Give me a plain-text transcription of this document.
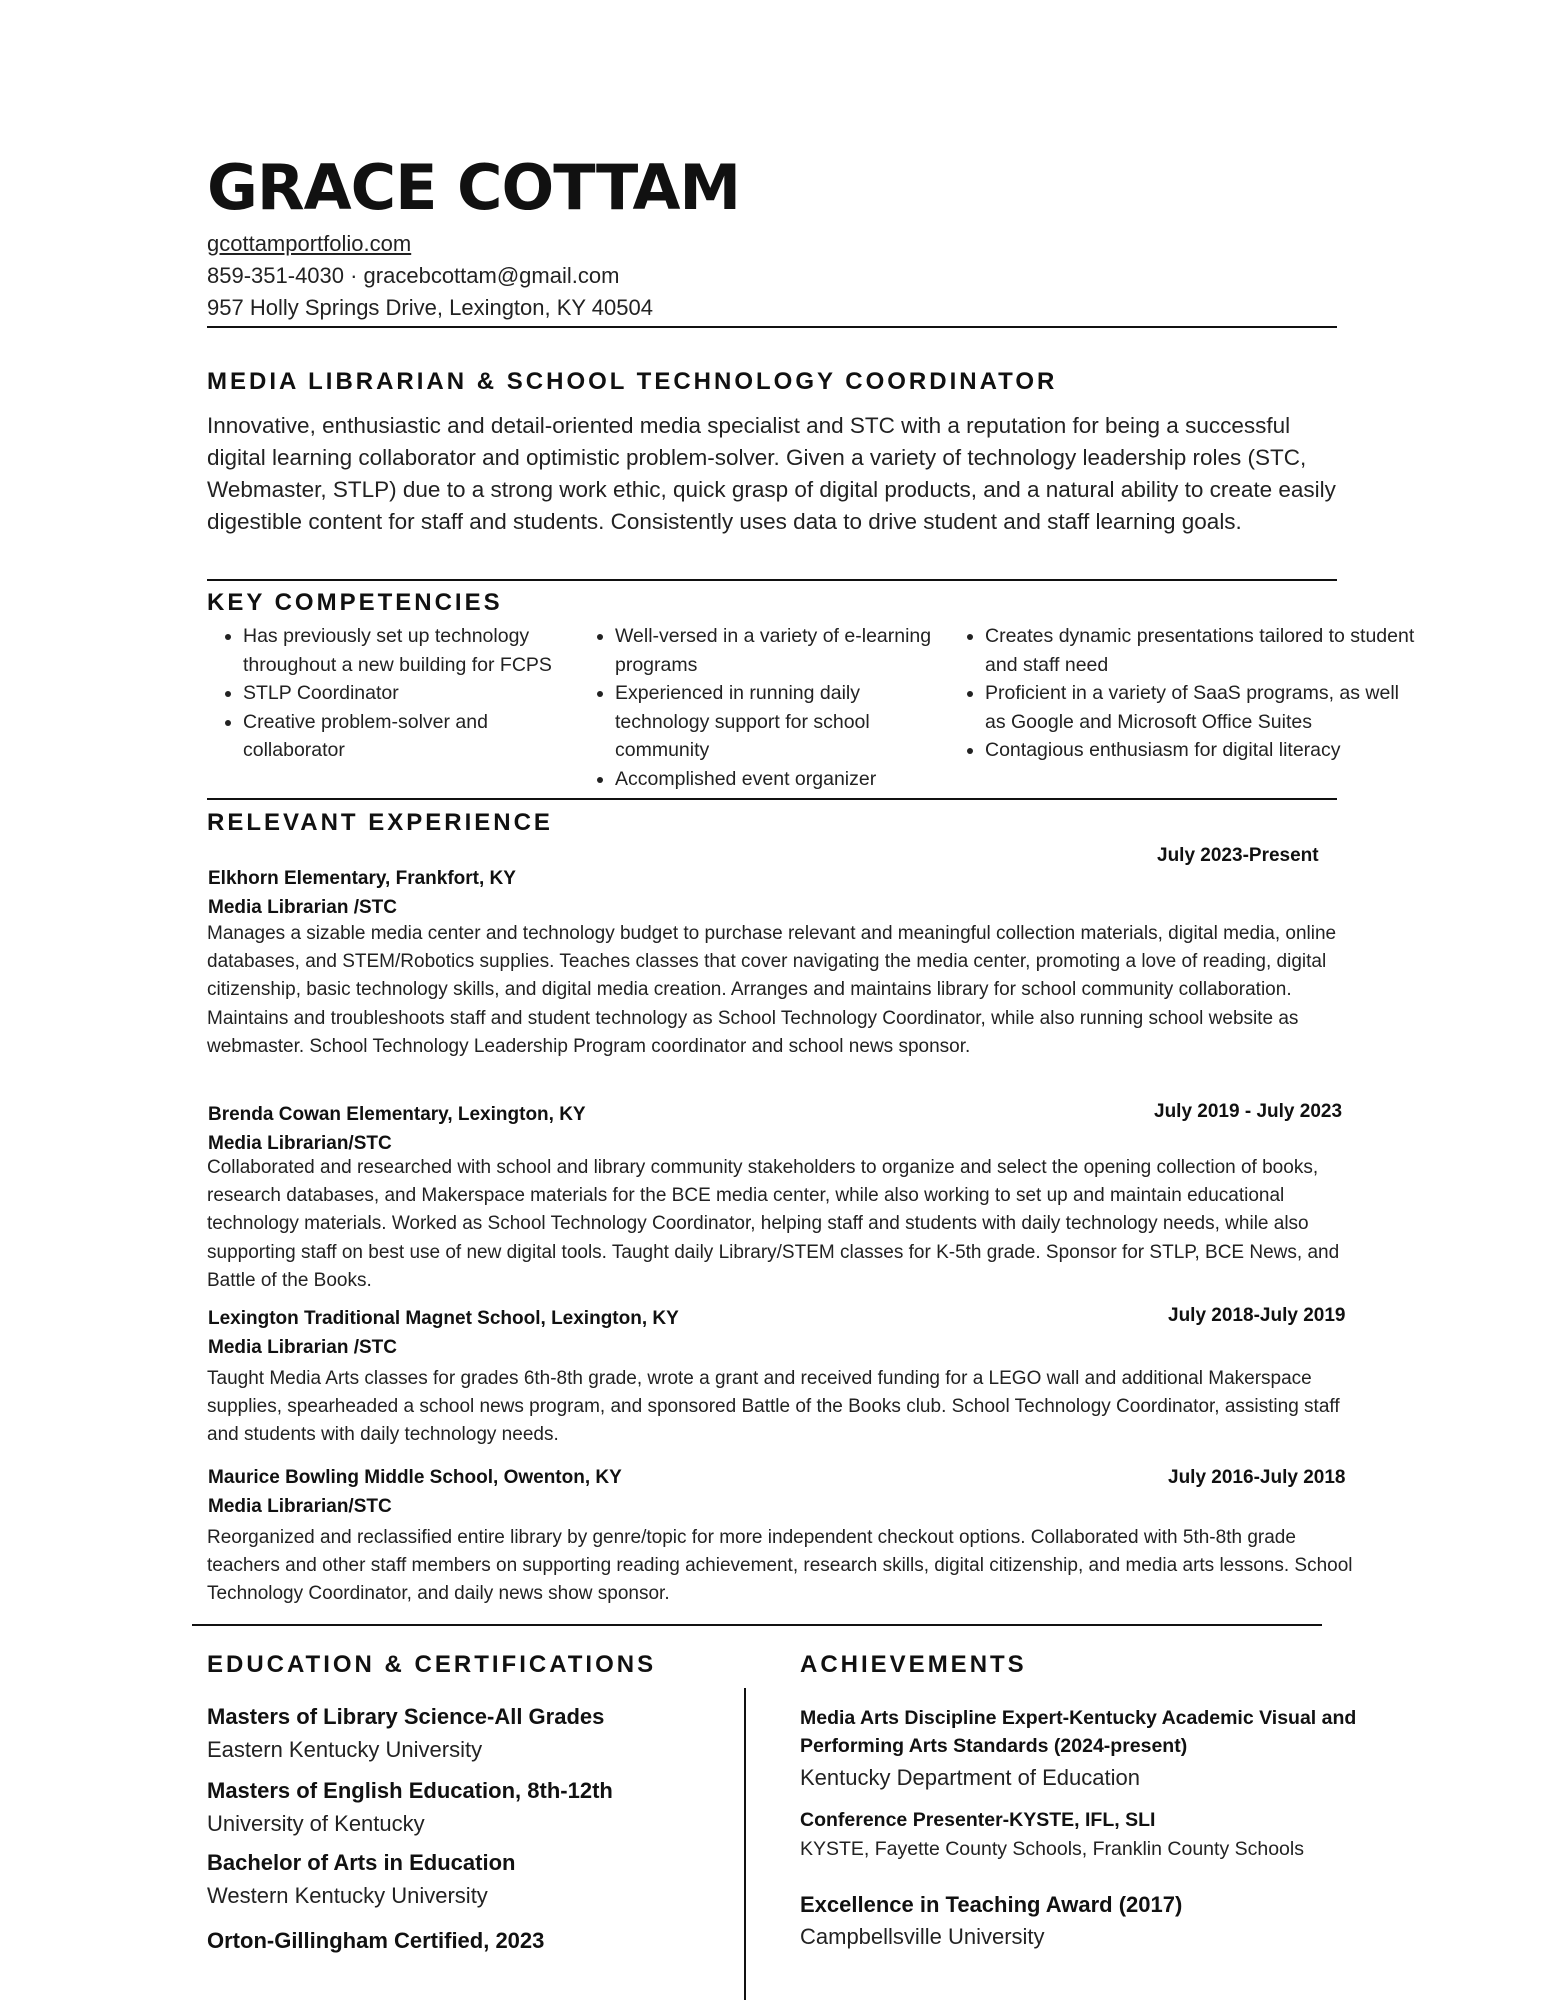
GRACE COTTAM
gcottamportfolio.com
859-351-4030 · gracebcottam@gmail.com
957 Holly Springs Drive, Lexington, KY 40504
MEDIA LIBRARIAN & SCHOOL TECHNOLOGY COORDINATOR
Innovative, enthusiastic and detail-oriented media specialist and STC with a reputation for being a successful digital learning collaborator and optimistic problem-solver. Given a variety of technology leadership roles (STC, Webmaster, STLP) due to a strong work ethic, quick grasp of digital products, and a natural ability to create easily digestible content for staff and students. Consistently uses data to drive student and staff learning goals.
KEY COMPETENCIES
• Has previously set up technology throughout a new building for FCPS
• STLP Coordinator
• Creative problem-solver and collaborator
• Well-versed in a variety of e-learning programs
• Experienced in running daily technology support for school community
• Accomplished event organizer
• Creates dynamic presentations tailored to student and staff need
• Proficient in a variety of SaaS programs, as well as Google and Microsoft Office Suites
• Contagious enthusiasm for digital literacy
RELEVANT EXPERIENCE
July 2023-Present
Elkhorn Elementary, Frankfort, KY
Media Librarian /STC
Manages a sizable media center and technology budget to purchase relevant and meaningful collection materials, digital media, online databases, and STEM/Robotics supplies. Teaches classes that cover navigating the media center, promoting a love of reading, digital citizenship, basic technology skills, and digital media creation. Arranges and maintains library for school community collaboration. Maintains and troubleshoots staff and student technology as School Technology Coordinator, while also running school website as webmaster. School Technology Leadership Program coordinator and school news sponsor.
July 2019 - July 2023
Brenda Cowan Elementary, Lexington, KY
Media Librarian/STC
Collaborated and researched with school and library community stakeholders to organize and select the opening collection of books, research databases, and Makerspace materials for the BCE media center, while also working to set up and maintain educational technology materials. Worked as School Technology Coordinator, helping staff and students with daily technology needs, while also supporting staff on best use of new digital tools. Taught daily Library/STEM classes for K-5th grade. Sponsor for STLP, BCE News, and Battle of the Books.
July 2018-July 2019
Lexington Traditional Magnet School, Lexington, KY
Media Librarian /STC
Taught Media Arts classes for grades 6th-8th grade, wrote a grant and received funding for a LEGO wall and additional Makerspace supplies, spearheaded a school news program, and sponsored Battle of the Books club. School Technology Coordinator, assisting staff and students with daily technology needs.
July 2016-July 2018
Maurice Bowling Middle School, Owenton, KY
Media Librarian/STC
Reorganized and reclassified entire library by genre/topic for more independent checkout options. Collaborated with 5th-8th grade teachers and other staff members on supporting reading achievement, research skills, digital citizenship, and media arts lessons. School Technology Coordinator, and daily news show sponsor.
EDUCATION & CERTIFICATIONS
Masters of Library Science-All Grades
Eastern Kentucky University
Masters of English Education, 8th-12th
University of Kentucky
Bachelor of Arts in Education
Western Kentucky University
Orton-Gillingham Certified, 2023
ACHIEVEMENTS
Media Arts Discipline Expert-Kentucky Academic Visual and Performing Arts Standards (2024-present)
Kentucky Department of Education
Conference Presenter-KYSTE, IFL, SLI
KYSTE, Fayette County Schools, Franklin County Schools
Excellence in Teaching Award (2017)
Campbellsville University
